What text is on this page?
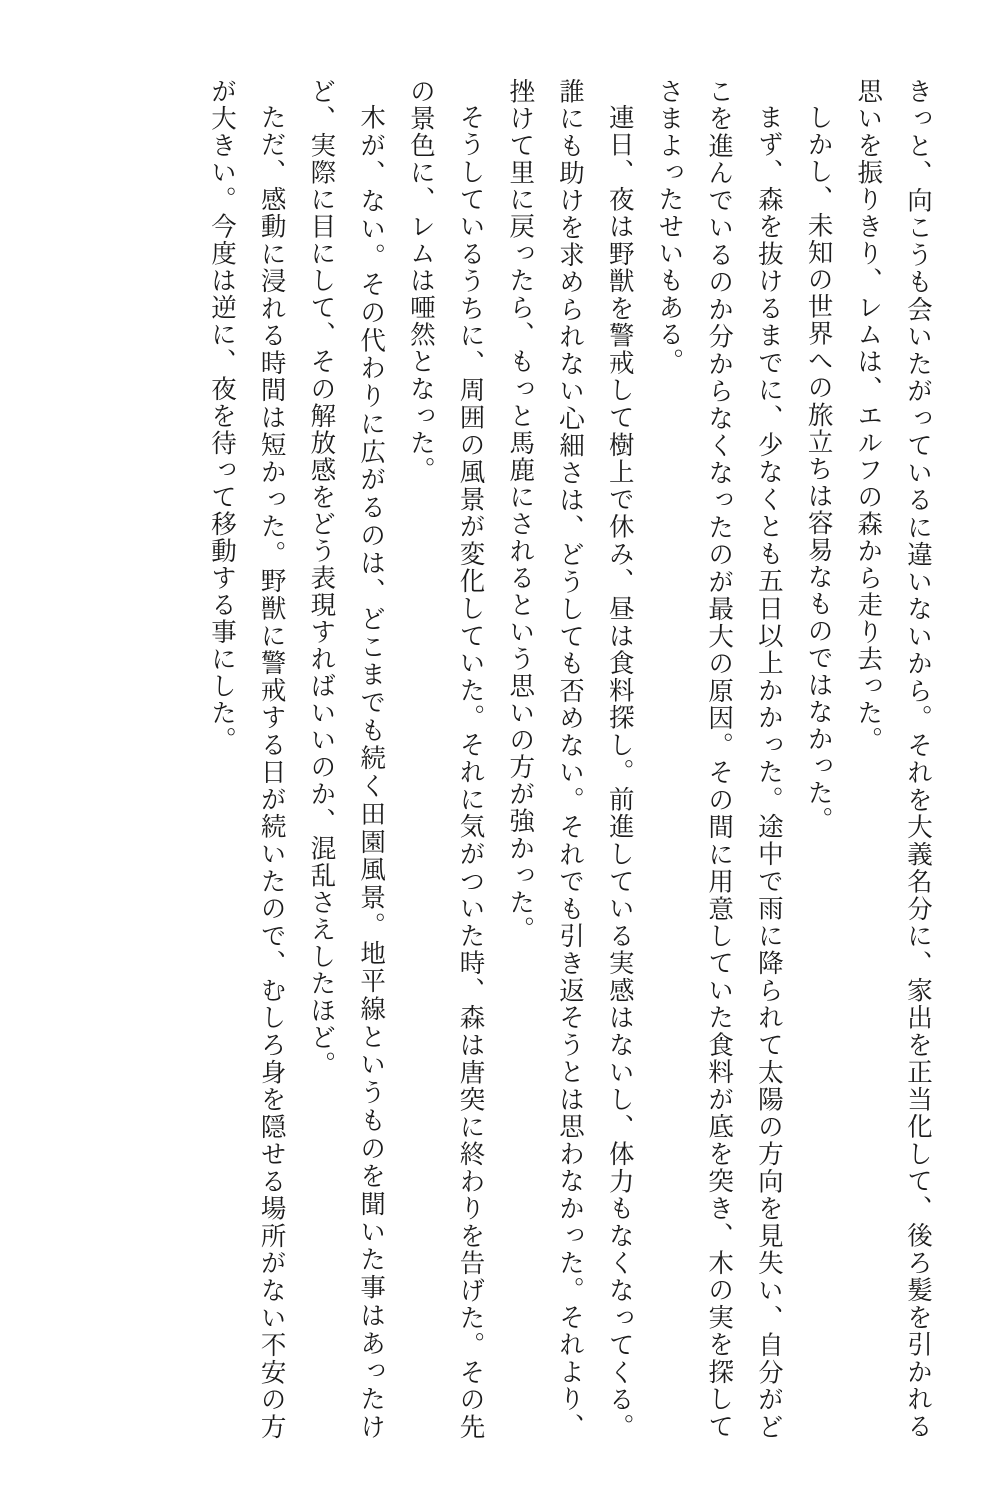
きっと、向こうも会いたがっているに違いないから。それを大義名分に、家出を正当化して、後ろ髪を引かれる思いを振りきり、レムは、エルフの森から走り去った。

しかし、未知の世界への旅立ちは容易なものではなかった。

まず、森を抜けるまでに、少なくとも五日以上かかった。途中で雨に降られて太陽の方向を見失い、自分がどこを進んでいるのか分からなくなったのが最大の原因。その間に用意していた食料が底を突き、木の実を探してさまよったせいもある。

連日、夜は野獣を警戒して樹上で休み、昼は食料探し。前進している実感はないし、体力もなくなってくる。誰にも助けを求められない心細さは、どうしても否めない。それでも引き返そうとは思わなかった。それより、挫けて里に戻ったら、もっと馬鹿にされるという思いの方が強かった。

そうしているうちに、周囲の風景が変化していた。それに気がついた時、森は唐突に終わりを告げた。その先の景色に、レムは唖然となった。

木が、ない。その代わりに広がるのは、どこまでも続く田園風景。地平線というものを聞いた事はあったけど、実際に目にして、その解放感をどう表現すればいいのか、混乱さえしたほど。

ただ、感動に浸れる時間は短かった。野獣に警戒する日が続いたので、むしろ身を隠せる場所がない不安の方が大きい。今度は逆に、夜を待って移動する事にした。
